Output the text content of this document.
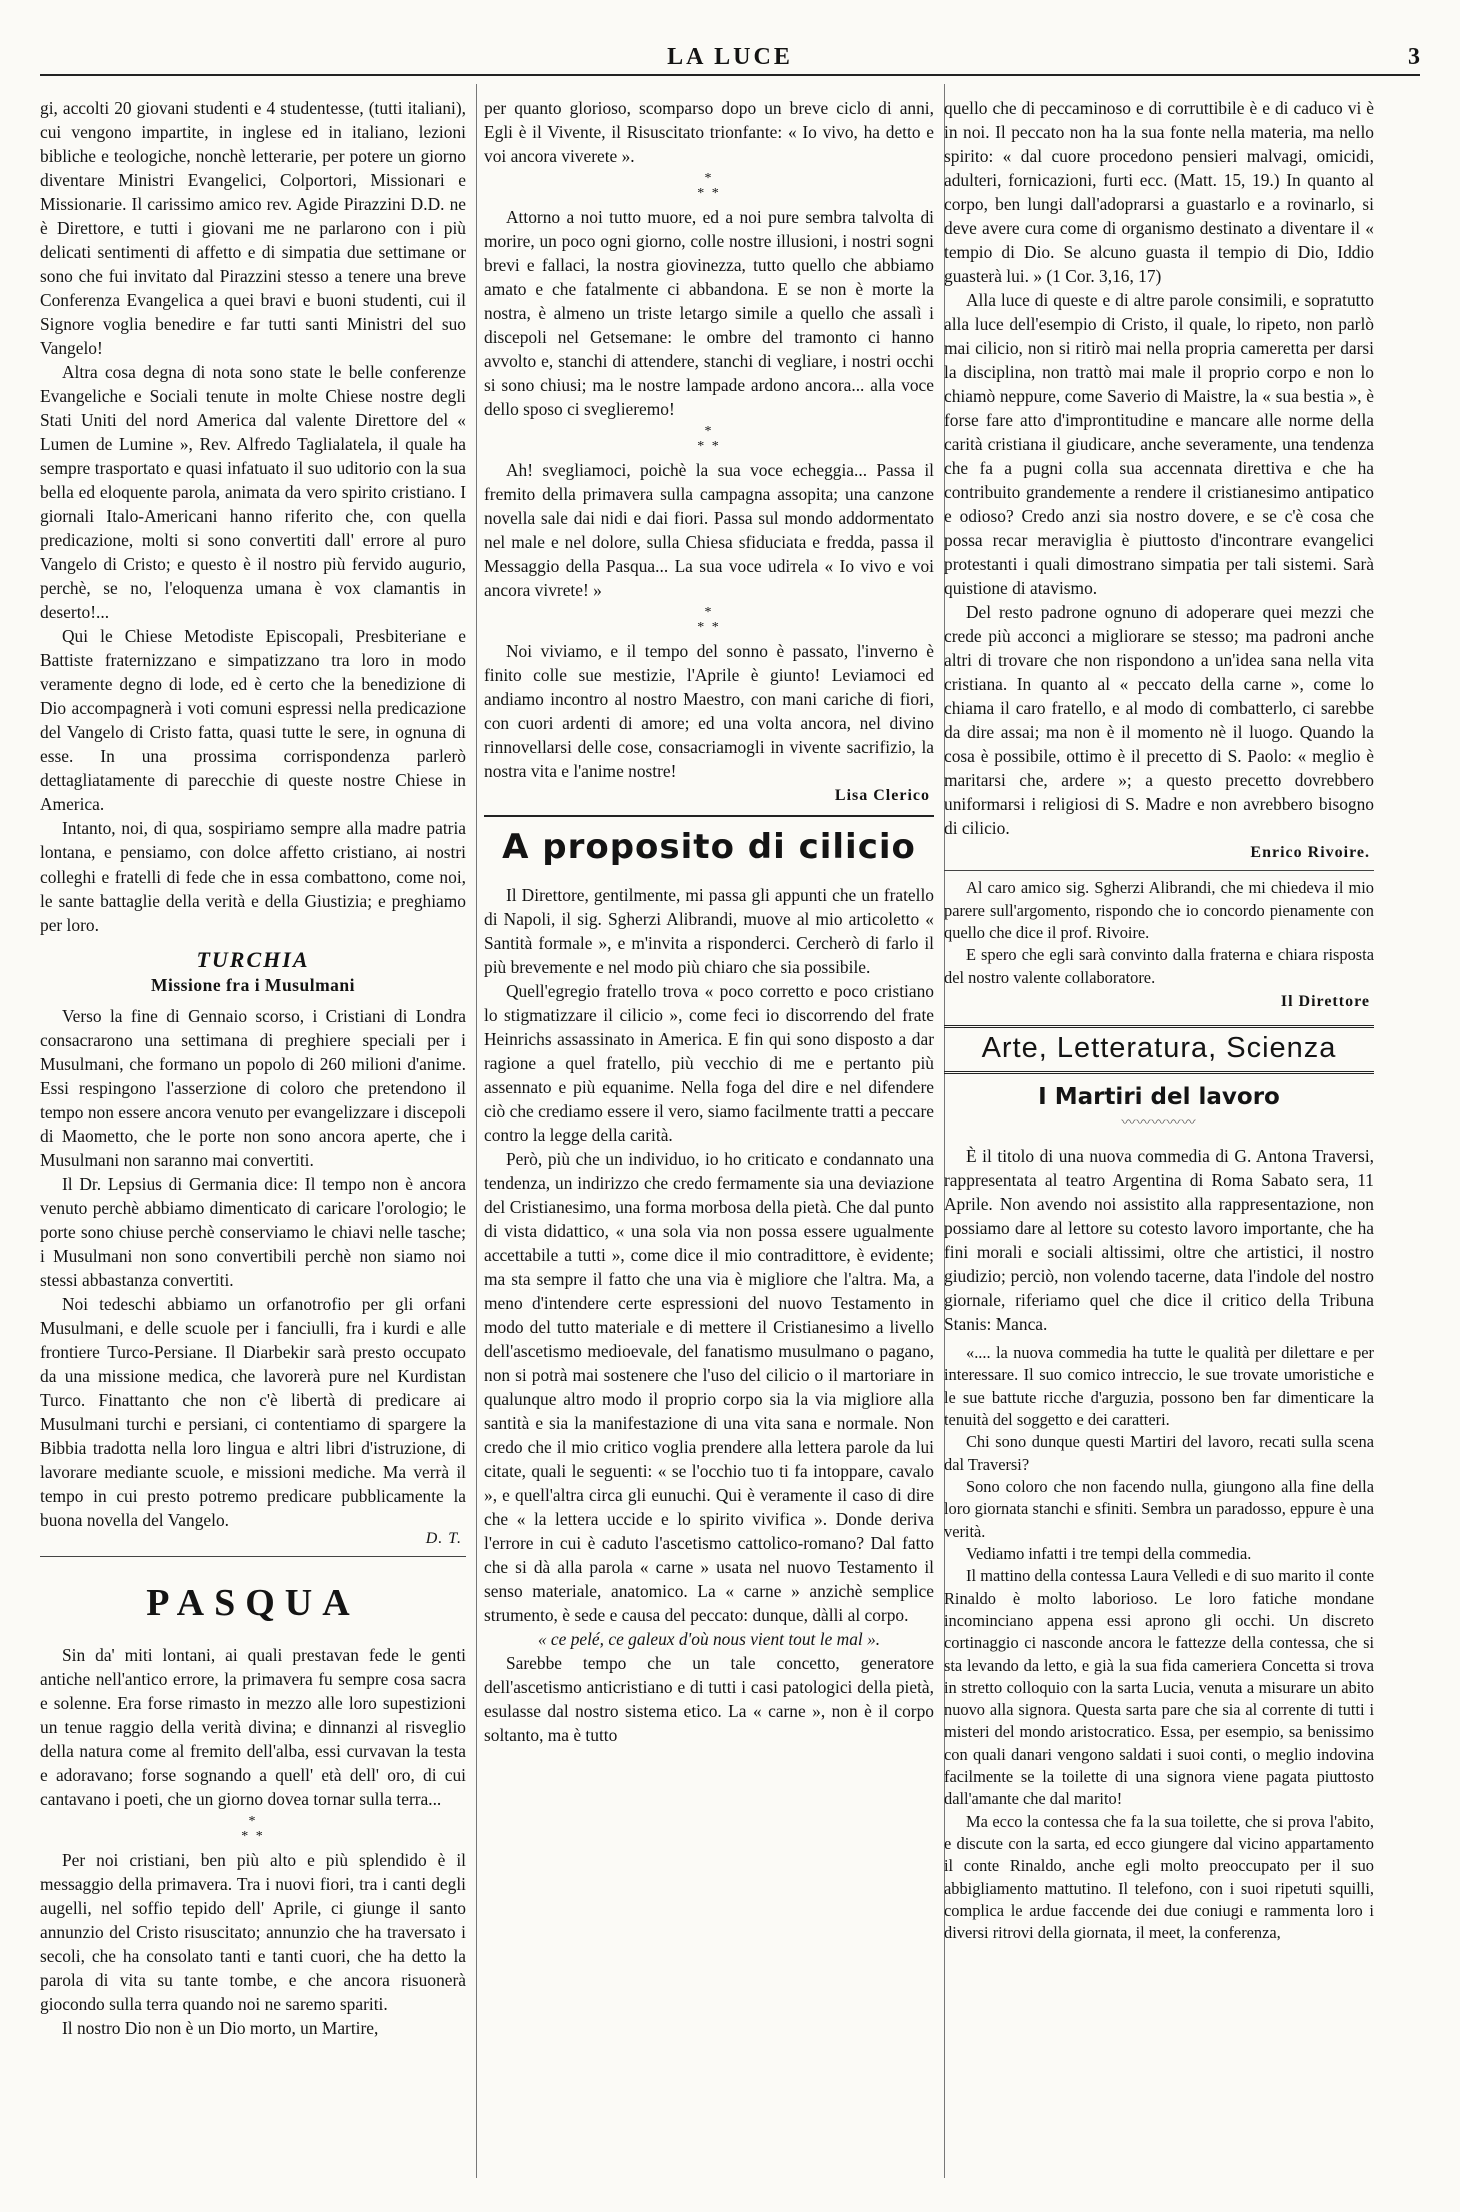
LA LUCE	3

gi, accolti 20 giovani studenti e 4 studentesse, (tutti italiani), cui vengono impartite, in inglese ed in italiano, lezioni bibliche e teologiche, nonchè letterarie, per potere un giorno diventare Ministri Evangelici, Colportori, Missionari e Missionarie. Il carissimo amico rev. Agide Pirazzini D.D. ne è Direttore, e tutti i giovani me ne parlarono con i più delicati sentimenti di affetto e di simpatia due settimane or sono che fui invitato dal Pirazzini stesso a tenere una breve Conferenza Evangelica a quei bravi e buoni studenti, cui il Signore voglia benedire e far tutti santi Ministri del suo Vangelo!

Altra cosa degna di nota sono state le belle conferenze Evangeliche e Sociali tenute in molte Chiese nostre degli Stati Uniti del nord America dal valente Direttore del « Lumen de Lumine », Rev. Alfredo Taglialatela, il quale ha sempre trasportato e quasi infatuato il suo uditorio con la sua bella ed eloquente parola, animata da vero spirito cristiano. I giornali Italo-Americani hanno riferito che, con quella predicazione, molti si sono convertiti dall' errore al puro Vangelo di Cristo; e questo è il nostro più fervido augurio, perchè, se no, l'eloquenza umana è vox clamantis in deserto!...

Qui le Chiese Metodiste Episcopali, Presbiteriane e Battiste fraternizzano e simpatizzano tra loro in modo veramente degno di lode, ed è certo che la benedizione di Dio accompagnerà i voti comuni espressi nella predicazione del Vangelo di Cristo fatta, quasi tutte le sere, in ognuna di esse. In una prossima corrispondenza parlerò dettagliatamente di parecchie di queste nostre Chiese in America.

Intanto, noi, di qua, sospiriamo sempre alla madre patria lontana, e pensiamo, con dolce affetto cristiano, ai nostri colleghi e fratelli di fede che in essa combattono, come noi, le sante battaglie della verità e della Giustizia; e preghiamo per loro.

TURCHIA
Missione fra i Musulmani

Verso la fine di Gennaio scorso, i Cristiani di Londra consacrarono una settimana di preghiere speciali per i Musulmani, che formano un popolo di 260 milioni d'anime. Essi respingono l'asserzione di coloro che pretendono il tempo non essere ancora venuto per evangelizzare i discepoli di Maometto, che le porte non sono ancora aperte, che i Musulmani non saranno mai convertiti.

Il Dr. Lepsius di Germania dice: Il tempo non è ancora venuto perchè abbiamo dimenticato di caricare l'orologio; le porte sono chiuse perchè conserviamo le chiavi nelle tasche; i Musulmani non sono convertibili perchè non siamo noi stessi abbastanza convertiti.

Noi tedeschi abbiamo un orfanotrofio per gli orfani Musulmani, e delle scuole per i fanciulli, fra i kurdi e alle frontiere Turco-Persiane. Il Diarbekir sarà presto occupato da una missione medica, che lavorerà pure nel Kurdistan Turco. Finattanto che non c'è libertà di predicare ai Musulmani turchi e persiani, ci contentiamo di spargere la Bibbia tradotta nella loro lingua e altri libri d'istruzione, di lavorare mediante scuole, e missioni mediche. Ma verrà il tempo in cui presto potremo predicare pubblicamente la buona novella del Vangelo.

D. T.
PASQUA

Sin da' miti lontani, ai quali prestavan fede le genti antiche nell'antico errore, la primavera fu sempre cosa sacra e solenne. Era forse rimasto in mezzo alle loro supestizioni un tenue raggio della verità divina; e dinnanzi al risveglio della natura come al fremito dell'alba, essi curvavan la testa e adoravano; forse sognando a quell' età dell' oro, di cui cantavano i poeti, che un giorno dovea tornar sulla terra...

*
* *

Per noi cristiani, ben più alto e più splendido è il messaggio della primavera. Tra i nuovi fiori, tra i canti degli augelli, nel soffio tepido dell' Aprile, ci giunge il santo annunzio del Cristo risuscitato; annunzio che ha traversato i secoli, che ha consolato tanti e tanti cuori, che ha detto la parola di vita su tante tombe, e che ancora risuonerà giocondo sulla terra quando noi ne saremo spariti.

Il nostro Dio non è un Dio morto, un Martire,

per quanto glorioso, scomparso dopo un breve ciclo di anni, Egli è il Vivente, il Risuscitato trionfante: « Io vivo, ha detto e voi ancora viverete ».

*
* *

Attorno a noi tutto muore, ed a noi pure sembra talvolta di morire, un poco ogni giorno, colle nostre illusioni, i nostri sogni brevi e fallaci, la nostra giovinezza, tutto quello che abbiamo amato e che fatalmente ci abbandona. E se non è morte la nostra, è almeno un triste letargo simile a quello che assalì i discepoli nel Getsemane: le ombre del tramonto ci hanno avvolto e, stanchi di attendere, stanchi di vegliare, i nostri occhi si sono chiusi; ma le nostre lampade ardono ancora... alla voce dello sposo ci sveglieremo!

*
* *

Ah! svegliamoci, poichè la sua voce echeggia... Passa il fremito della primavera sulla campagna assopita; una canzone novella sale dai nidi e dai fiori. Passa sul mondo addormentato nel male e nel dolore, sulla Chiesa sfiduciata e fredda, passa il Messaggio della Pasqua... La sua voce udiтela « Io vivo e voi ancora vivrete! »

*
* *

Noi viviamo, e il tempo del sonno è passato, l'inverno è finito colle sue mestizie, l'Aprile è giunto! Leviamoci ed andiamo incontro al nostro Maestro, con mani cariche di fiori, con cuori ardenti di amore; ed una volta ancora, nel divino rinnovellarsi delle cose, consacriamogli in vivente sacrifizio, la nostra vita e l'anime nostre!

Lisa Clerico
A proposito di cilicio

Il Direttore, gentilmente, mi passa gli appunti che un fratello di Napoli, il sig. Sgherzi Alibrandi, muove al mio articoletto « Santità formale », e m'invita a risponderci. Cercherò di farlo il più brevemente e nel modo più chiaro che sia possibile.

Quell'egregio fratello trova « poco corretto e poco cristiano lo stigmatizzare il cilicio », come feci io discorrendo del frate Heinrichs assassinato in America. E fin qui sono disposto a dar ragione a quel fratello, più vecchio di me e pertanto più assennato e più equanime. Nella foga del dire e nel difendere ciò che crediamo essere il vero, siamo facilmente tratti a peccare contro la legge della carità.

Però, più che un individuo, io ho criticato e condannato una tendenza, un indirizzo che credo fermamente sia una deviazione del Cristianesimo, una forma morbosa della pietà. Che dal punto di vista didattico, « una sola via non possa essere ugualmente accettabile a tutti », come dice il mio contradittore, è evidente; ma sta sempre il fatto che una via è migliore che l'altra. Ma, a meno d'intendere certe espressioni del nuovo Testamento in modo del tutto materiale e di mettere il Cristianesimo a livello dell'ascetismo medioevale, del fanatismo musulmano o pagano, non si potrà mai sostenere che l'uso del cilicio o il martoriare in qualunque altro modo il proprio corpo sia la via migliore alla santità e sia la manifestazione di una vita sana e normale. Non credo che il mio critico voglia prendere alla lettera parole da lui citate, quali le seguenti: « se l'occhio tuo ti fa intoppare, cavalo », e quell'altra circa gli eunuchi. Qui è veramente il caso di dire che « la lettera uccide e lo spirito vivifica ». Donde deriva l'errore in cui è caduto l'ascetismo cattolico-romano? Dal fatto che si dà alla parola « carne » usata nel nuovo Testamento il senso materiale, anatomico. La « carne » anzichè semplice strumento, è sede e causa del peccato: dunque, dàlli al corpo.

« ce pelé, ce galeux d'où nous vient tout le mal ».

Sarebbe tempo che un tale concetto, generatore dell'ascetismo anticristiano e di tutti i casi patologici della pietà, esulasse dal nostro sistema etico. La « carne », non è il corpo soltanto, ma è tutto

quello che di peccaminoso e di corruttibile è e di caduco vi è in noi. Il peccato non ha la sua fonte nella materia, ma nello spirito: « dal cuore procedono pensieri malvagi, omicidi, adulteri, fornicazioni, furti ecc. (Matt. 15, 19.) In quanto al corpo, ben lungi dall'adoprarsi a guastarlo e a rovinarlo, si deve avere cura come di organismo destinato a diventare il « tempio di Dio. Se alcuno guasta il tempio di Dio, Iddio guasterà lui. » (1 Cor. 3,16, 17)

Alla luce di queste e di altre parole consimili, e sopratutto alla luce dell'esempio di Cristo, il quale, lo ripeto, non parlò mai cilicio, non si ritirò mai nella propria cameretta per darsi la disciplina, non trattò mai male il proprio corpo e non lo chiamò neppure, come Saverio di Maistre, la « sua bestia », è forse fare atto d'improntitudine e mancare alle norme della carità cristiana il giudicare, anche severamente, una tendenza che fa a pugni colla sua accennata direttiva e che ha contribuito grandemente a rendere il cristianesimo antipatico e odioso? Credo anzi sia nostro dovere, e se c'è cosa che possa recar meraviglia è piuttosto d'incontrare evangelici protestanti i quali dimostrano simpatia per tali sistemi. Sarà quistione di atavismo.

Del resto padrone ognuno di adoperare quei mezzi che crede più acconci a migliorare se stesso; ma padroni anche altri di trovare che non rispondono a un'idea sana nella vita cristiana. In quanto al « peccato della carne », come lo chiama il caro fratello, e al modo di combatterlo, ci sarebbe da dire assai; ma non è il momento nè il luogo. Quando la cosa è possibile, ottimo è il precetto di S. Paolo: « meglio è maritarsi che, ardere »; a questo precetto dovrebbero uniformarsi i religiosi di S. Madre e non avrebbero bisogno di cilicio.

Enrico Rivoire.

Al caro amico sig. Sgherzi Alibrandi, che mi chiedeva il mio parere sull'argomento, rispondo che io concordo pienamente con quello che dice il prof. Rivoire.

E spero che egli sarà convinto dalla fraterna e chiara risposta del nostro valente collaboratore.

Il Direttore
Arte, Letteratura, Scienza
I Martiri del lavoro
〰〰〰〰〰

È il titolo di una nuova commedia di G. Antona Traversi, rappresentata al teatro Argentina di Roma Sabato sera, 11 Aprile. Non avendo noi assistito alla rappresentazione, non possiamo dare al lettore su cotesto lavoro importante, che ha fini morali e sociali altissimi, oltre che artistici, il nostro giudizio; perciò, non volendo tacerne, data l'indole del nostro giornale, riferiamo quel che dice il critico della Tribuna Stanis: Manca.

«.... la nuova commedia ha tutte le qualità per dilettare e per interessare. Il suo comico intreccio, le sue trovate umoristiche e le sue battute ricche d'arguzia, possono ben far dimenticare la tenuità del soggetto e dei caratteri.

Chi sono dunque questi Martiri del lavoro, recati sulla scena dal Traversi?

Sono coloro che non facendo nulla, giungono alla fine della loro giornata stanchi e sfiniti. Sembra un paradosso, eppure è una verità.

Vediamo infatti i tre tempi della commedia.

Il mattino della contessa Laura Velledi e di suo marito il conte Rinaldo è molto laborioso. Le loro fatiche mondane incominciano appena essi aprono gli occhi. Un discreto cortinaggio ci nasconde ancora le fattezze della contessa, che si sta levando da letto, e già la sua fida cameriera Concetta si trova in stretto colloquio con la sarta Lucia, venuta a misurare un abito nuovo alla signora. Questa sarta pare che sia al corrente di tutti i misteri del mondo aristocratico. Essa, per esempio, sa benissimo con quali danari vengono saldati i suoi conti, o meglio indovina facilmente se la toilette di una signora viene pagata piuttosto dall'amante che dal marito!

Ma ecco la contessa che fa la sua toilette, che si prova l'abito, e discute con la sarta, ed ecco giungere dal vicino appartamento il conte Rinaldo, anche egli molto preoccupato per il suo abbigliamento mattutino. Il telefono, con i suoi ripetuti squilli, complica le ardue faccende dei due coniugi e rammenta loro i diversi ritrovi della giornata, il meet, la conferenza,
